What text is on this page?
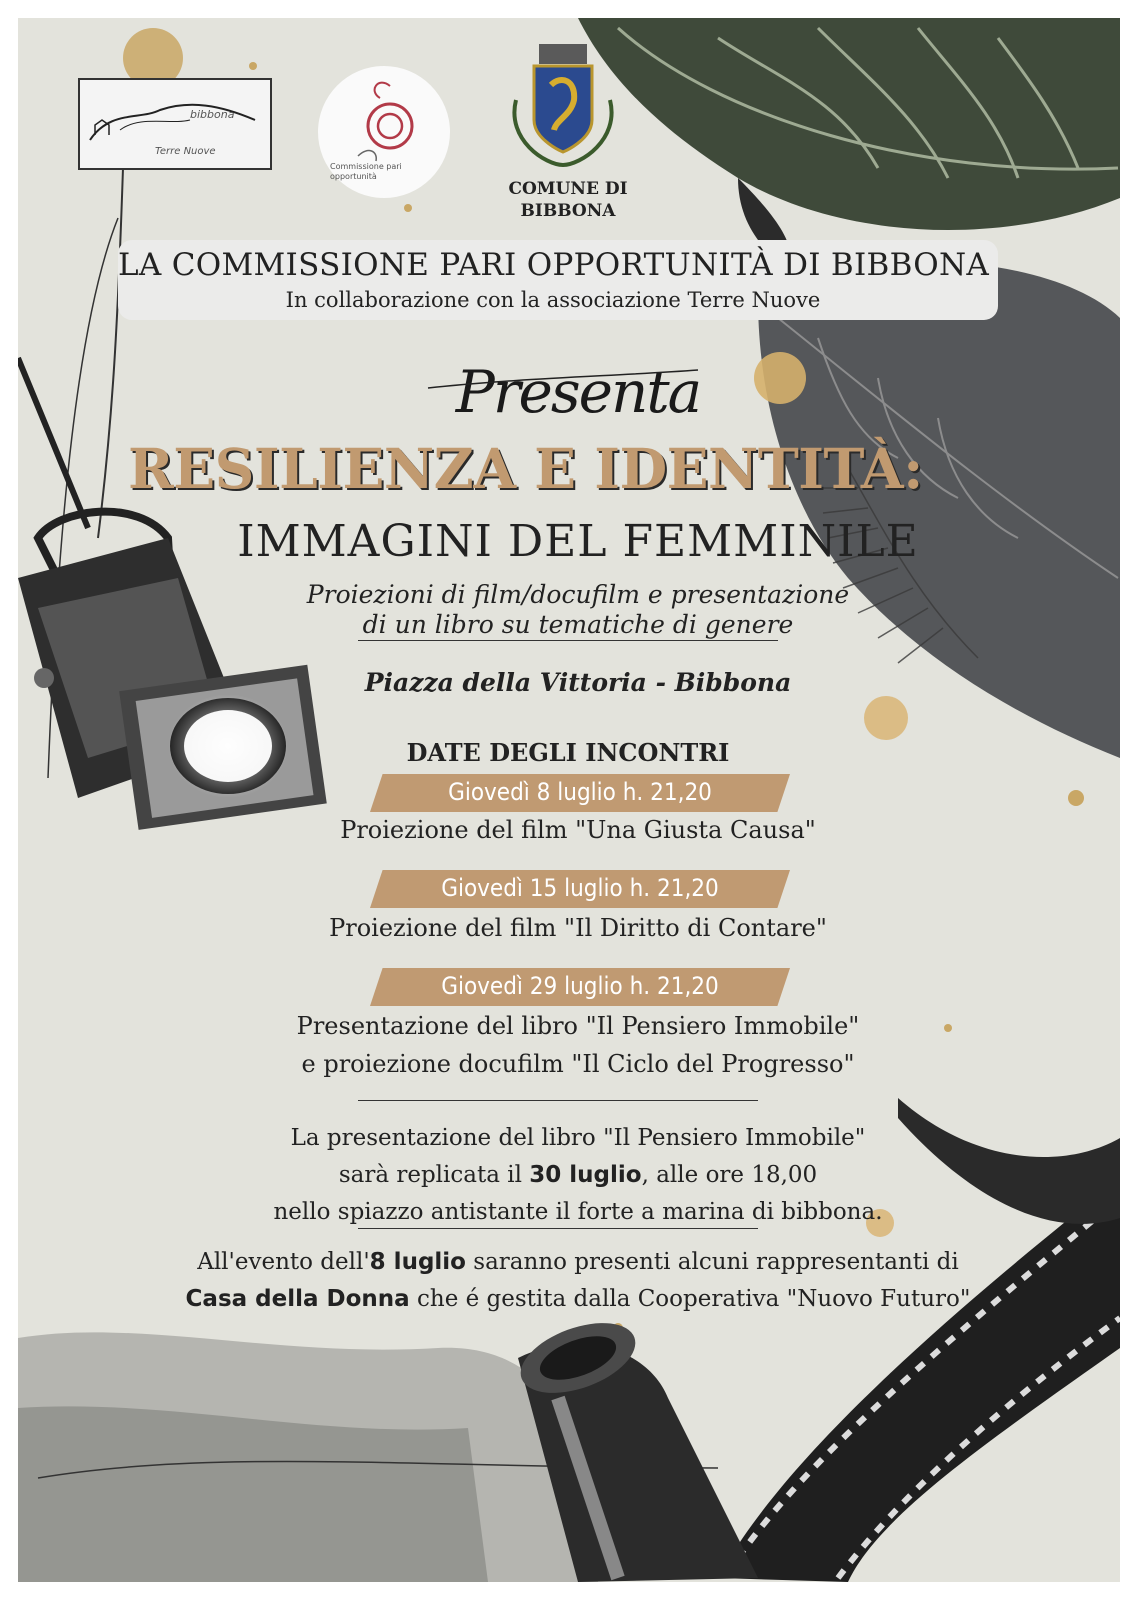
bibbona
Terre Nuove
Commissione pari opportunità
COMUNE DI
BIBBONA
LA COMMISSIONE PARI OPPORTUNITÀ DI BIBBONA
In collaborazione con la associazione Terre Nuove
Presenta
RESILIENZA E IDENTITÀ:
IMMAGINI DEL FEMMINILE
Proiezioni di film/docufilm e presentazione
di un libro su tematiche di genere
Piazza della Vittoria - Bibbona
DATE DEGLI INCONTRI
Giovedì 8 luglio h. 21,20
Proiezione del film "Una Giusta Causa"
Giovedì 15 luglio h. 21,20
Proiezione del film "Il Diritto di Contare"
Giovedì 29 luglio h. 21,20
Presentazione del libro "Il Pensiero Immobile"
e proiezione docufilm "Il Ciclo del Progresso"
La presentazione del libro "Il Pensiero Immobile"
sarà replicata il 30 luglio, alle ore 18,00
nello spiazzo antistante il forte a marina di bibbona.
All'evento dell'8 luglio saranno presenti alcuni rappresentanti di
Casa della Donna che é gestita dalla Cooperativa "Nuovo Futuro"
